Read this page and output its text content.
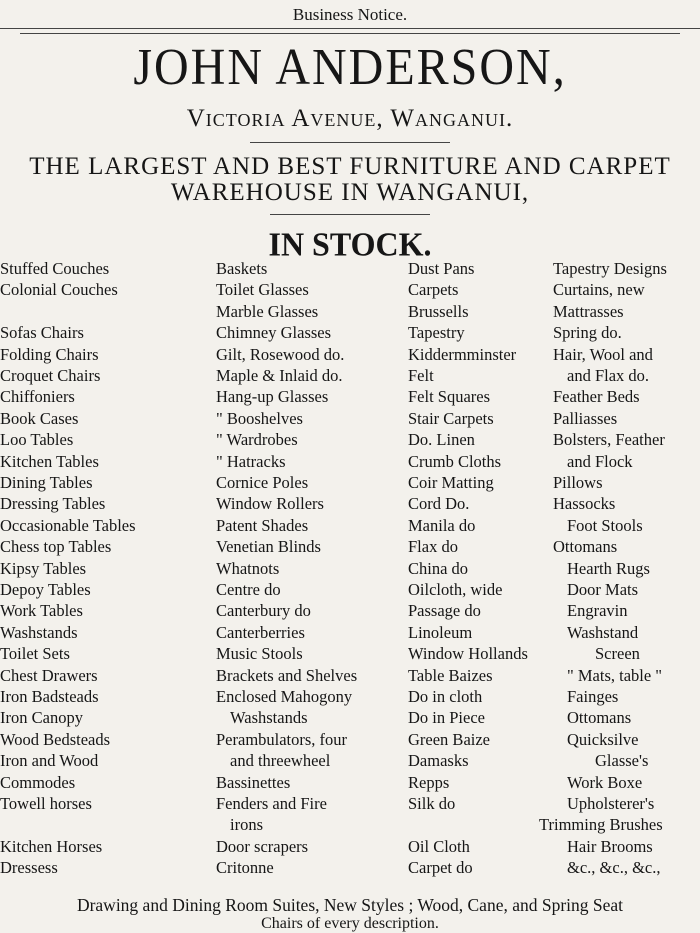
Business Notice.
JOHN ANDERSON,
Victoria Avenue, Wanganui.
THE LARGEST AND BEST FURNITURE AND CARPET
WAREHOUSE IN WANGANUI,
IN STOCK.
Stuffed Couches
Colonial Couches
Sofas Chairs
Folding Chairs
Croquet Chairs
Chiffoniers
Book Cases
Loo Tables
Kitchen Tables
Dining Tables
Dressing Tables
Occasionable Tables
Chess top Tables
Kipsy Tables
Depoy Tables
Work Tables
Washstands
Toilet Sets
Chest Drawers
Iron Badsteads
Iron Canopy
Wood Bedsteads
Iron and Wood
Commodes
Towell horses
Kitchen Horses
Dressess
Baskets
Toilet Glasses
Marble Glasses
Chimney Glasses
Gilt, Rosewood do.
Maple & Inlaid do.
Hang-up Glasses
" Booshelves
" Wardrobes
" Hatracks
Cornice Poles
Window Rollers
Patent Shades
Venetian Blinds
Whatnots
Centre do
Canterbury do
Canterberries
Music Stools
Brackets and Shelves
Enclosed Mahogony
Washstands
Perambulators, four
and threewheel
Bassinettes
Fenders and Fire
irons
Door scrapers
Critonne
Dust Pans
Carpets
Brussells
Tapestry
Kiddermminster
Felt
Felt Squares
Stair Carpets
Do. Linen
Crumb Cloths
Coir Matting
Cord Do.
Manila do
Flax do
China do
Oilcloth, wide
Passage do
Linoleum
Window Hollands
Table Baizes
Do in cloth
Do in Piece
Green Baize
Damasks
Repps
Silk do
Oil Cloth
Carpet do
Tapestry Designs
Curtains, new
Mattrasses
Spring do.
Hair, Wool and
and Flax do.
Feather Beds
Palliasses
Bolsters, Feather
and Flock
Pillows
Hassocks
Foot Stools
Ottomans
Hearth Rugs
Door Mats
Engravin
Washstand
Screen
" Mats, table "
Fainges
Ottomans
Quicksilve
Glasse's
Work Boxe
Upholsterer's
Trimming Brushes
Hair Brooms
&c., &c., &c.,
Drawing and Dining Room Suites, New Styles ; Wood, Cane, and Spring Seat
Chairs of every description.
